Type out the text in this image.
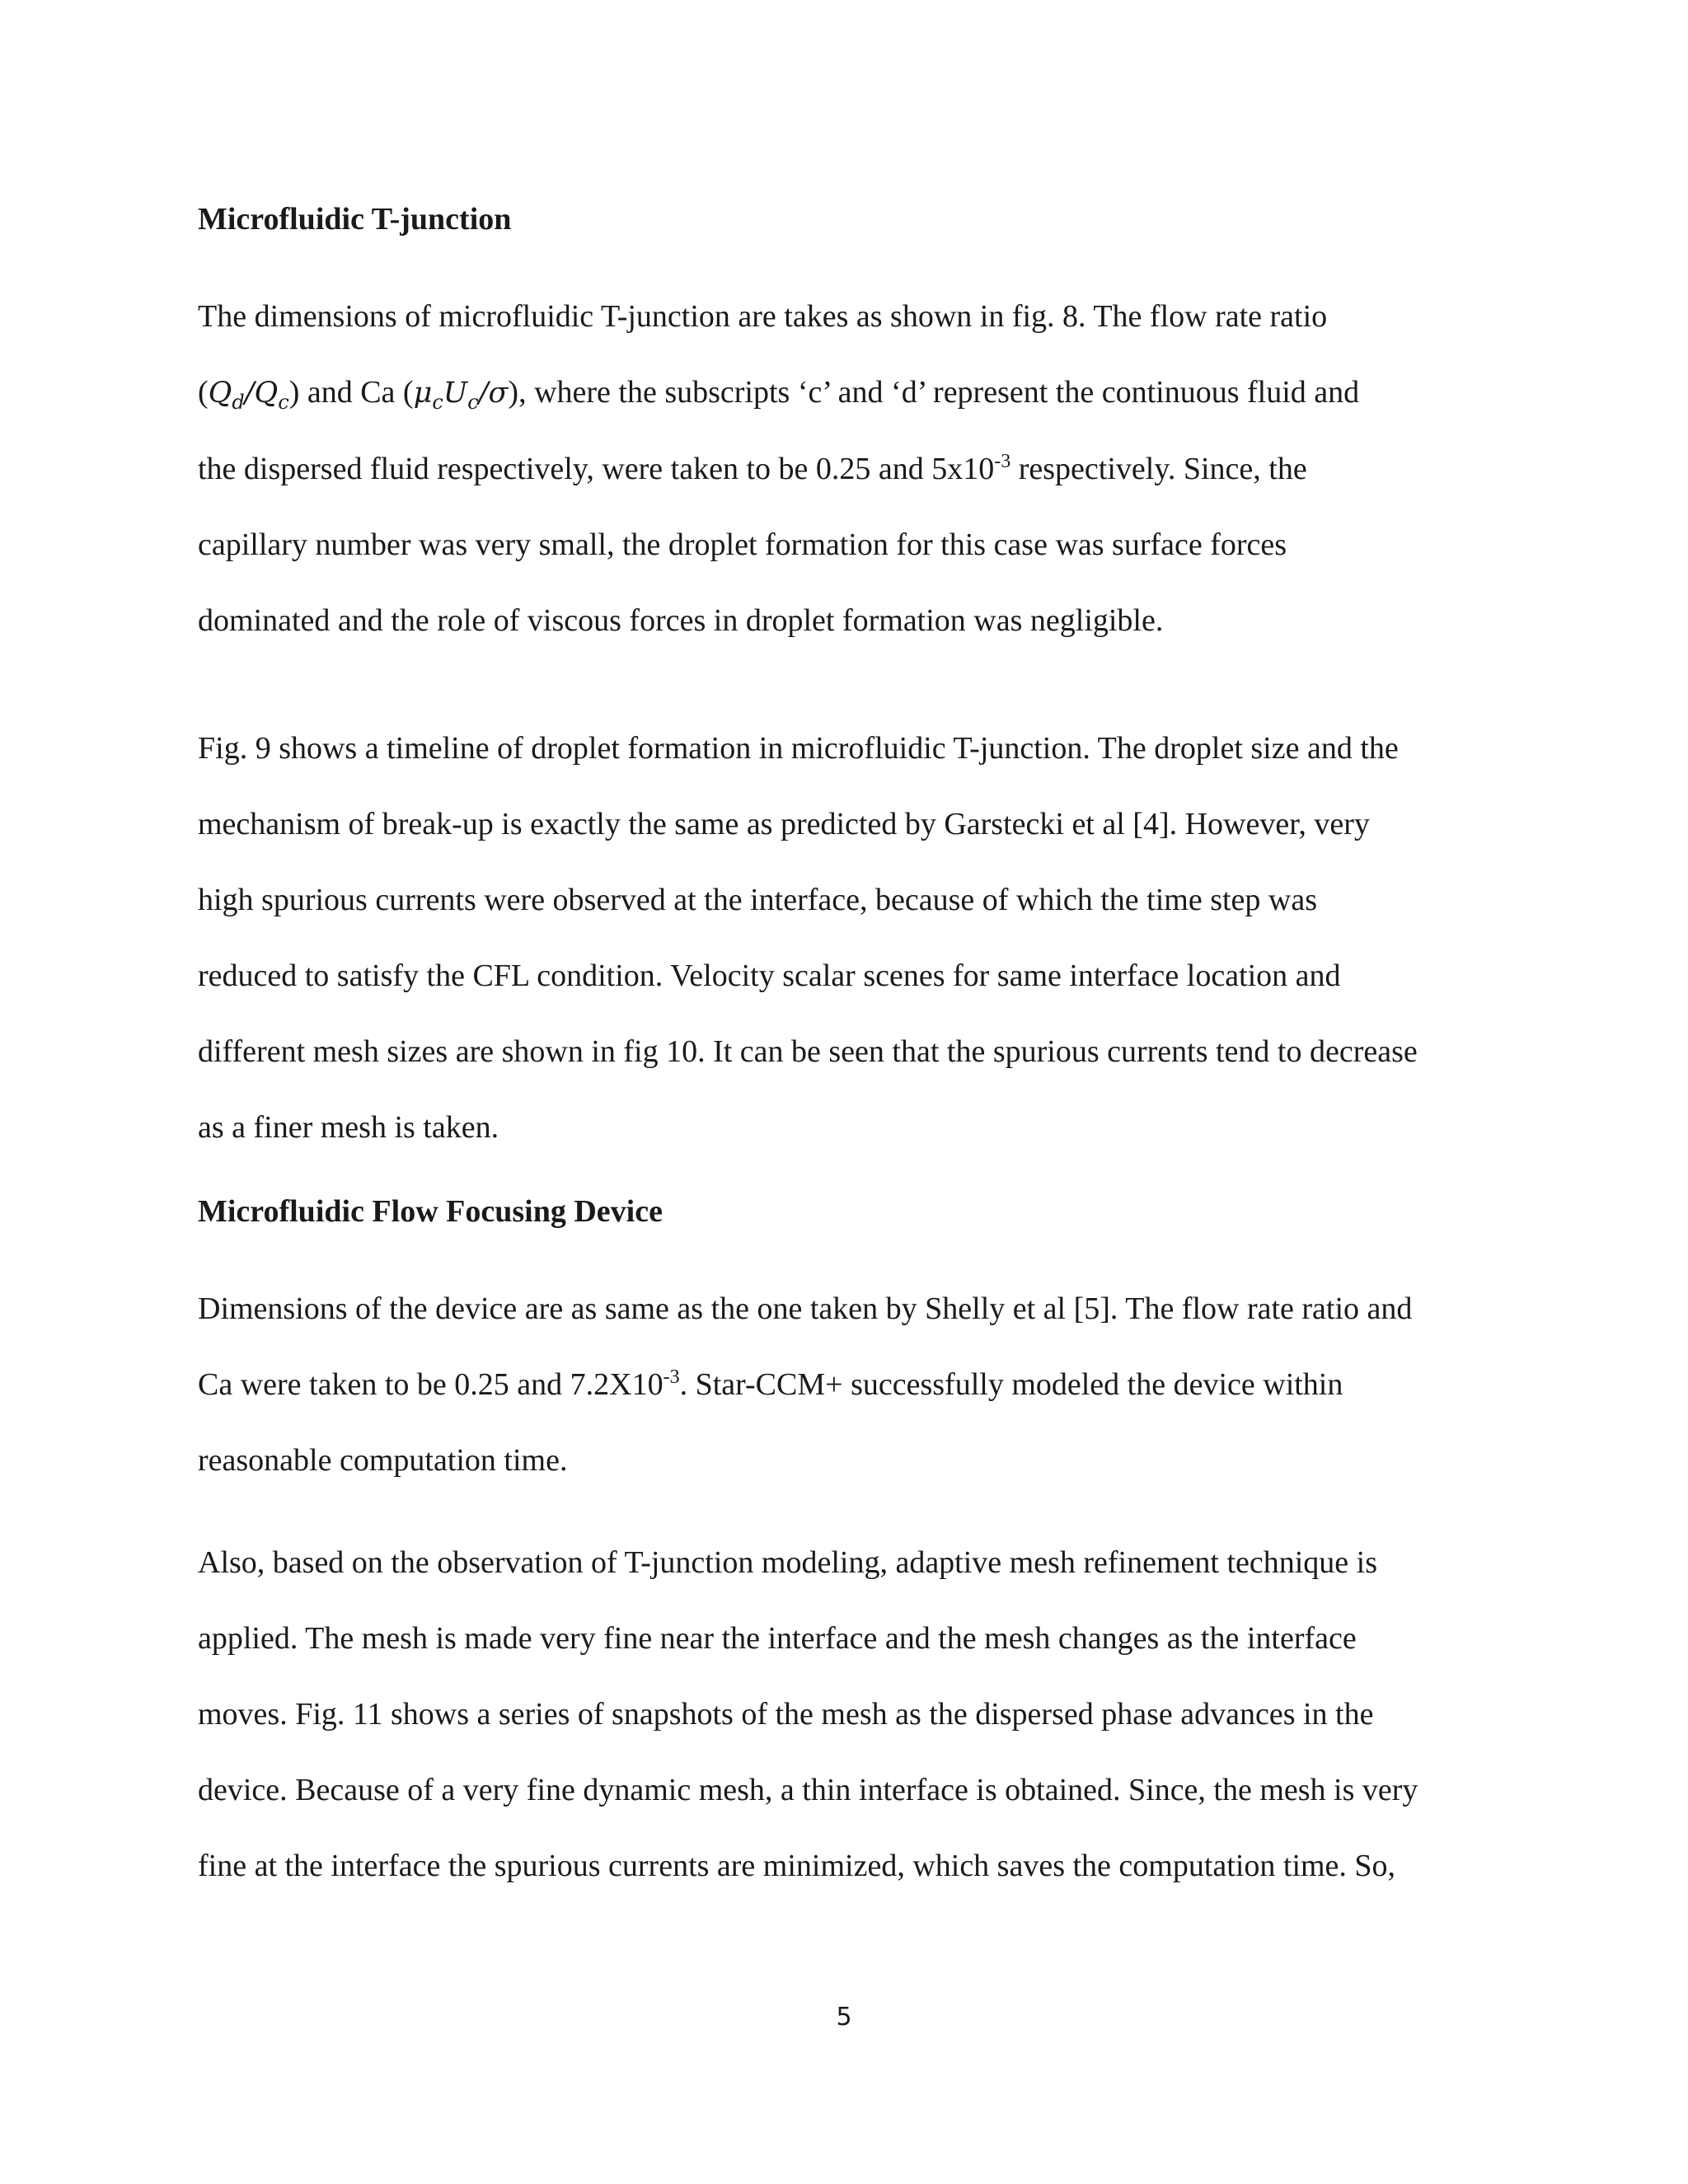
Microfluidic T-junction

The dimensions of microfluidic T-junction are takes as shown in fig. 8. The flow rate ratio
$(Q_d/Q_c)$ and Ca $(\mu_cU_c/\sigma)$, where the subscripts ‘c’ and ‘d’ represent the continuous fluid and
the dispersed fluid respectively, were taken to be 0.25 and $5x10^{-3}$ respectively. Since, the
capillary number was very small, the droplet formation for this case was surface forces
dominated and the role of viscous forces in droplet formation was negligible.

Fig. 9 shows a timeline of droplet formation in microfluidic T-junction. The droplet size and the
mechanism of break-up is exactly the same as predicted by Garstecki et al [4]. However, very
high spurious currents were observed at the interface, because of which the time step was
reduced to satisfy the CFL condition. Velocity scalar scenes for same interface location and
different mesh sizes are shown in fig 10. It can be seen that the spurious currents tend to decrease
as a finer mesh is taken.

Microfluidic Flow Focusing Device

Dimensions of the device are as same as the one taken by Shelly et al [5]. The flow rate ratio and
Ca were taken to be 0.25 and $7.2X10^{-3}$. Star-CCM+ successfully modeled the device within
reasonable computation time.

Also, based on the observation of T-junction modeling, adaptive mesh refinement technique is
applied. The mesh is made very fine near the interface and the mesh changes as the interface
moves. Fig. 11 shows a series of snapshots of the mesh as the dispersed phase advances in the
device. Because of a very fine dynamic mesh, a thin interface is obtained. Since, the mesh is very
fine at the interface the spurious currents are minimized, which saves the computation time. So,

5
